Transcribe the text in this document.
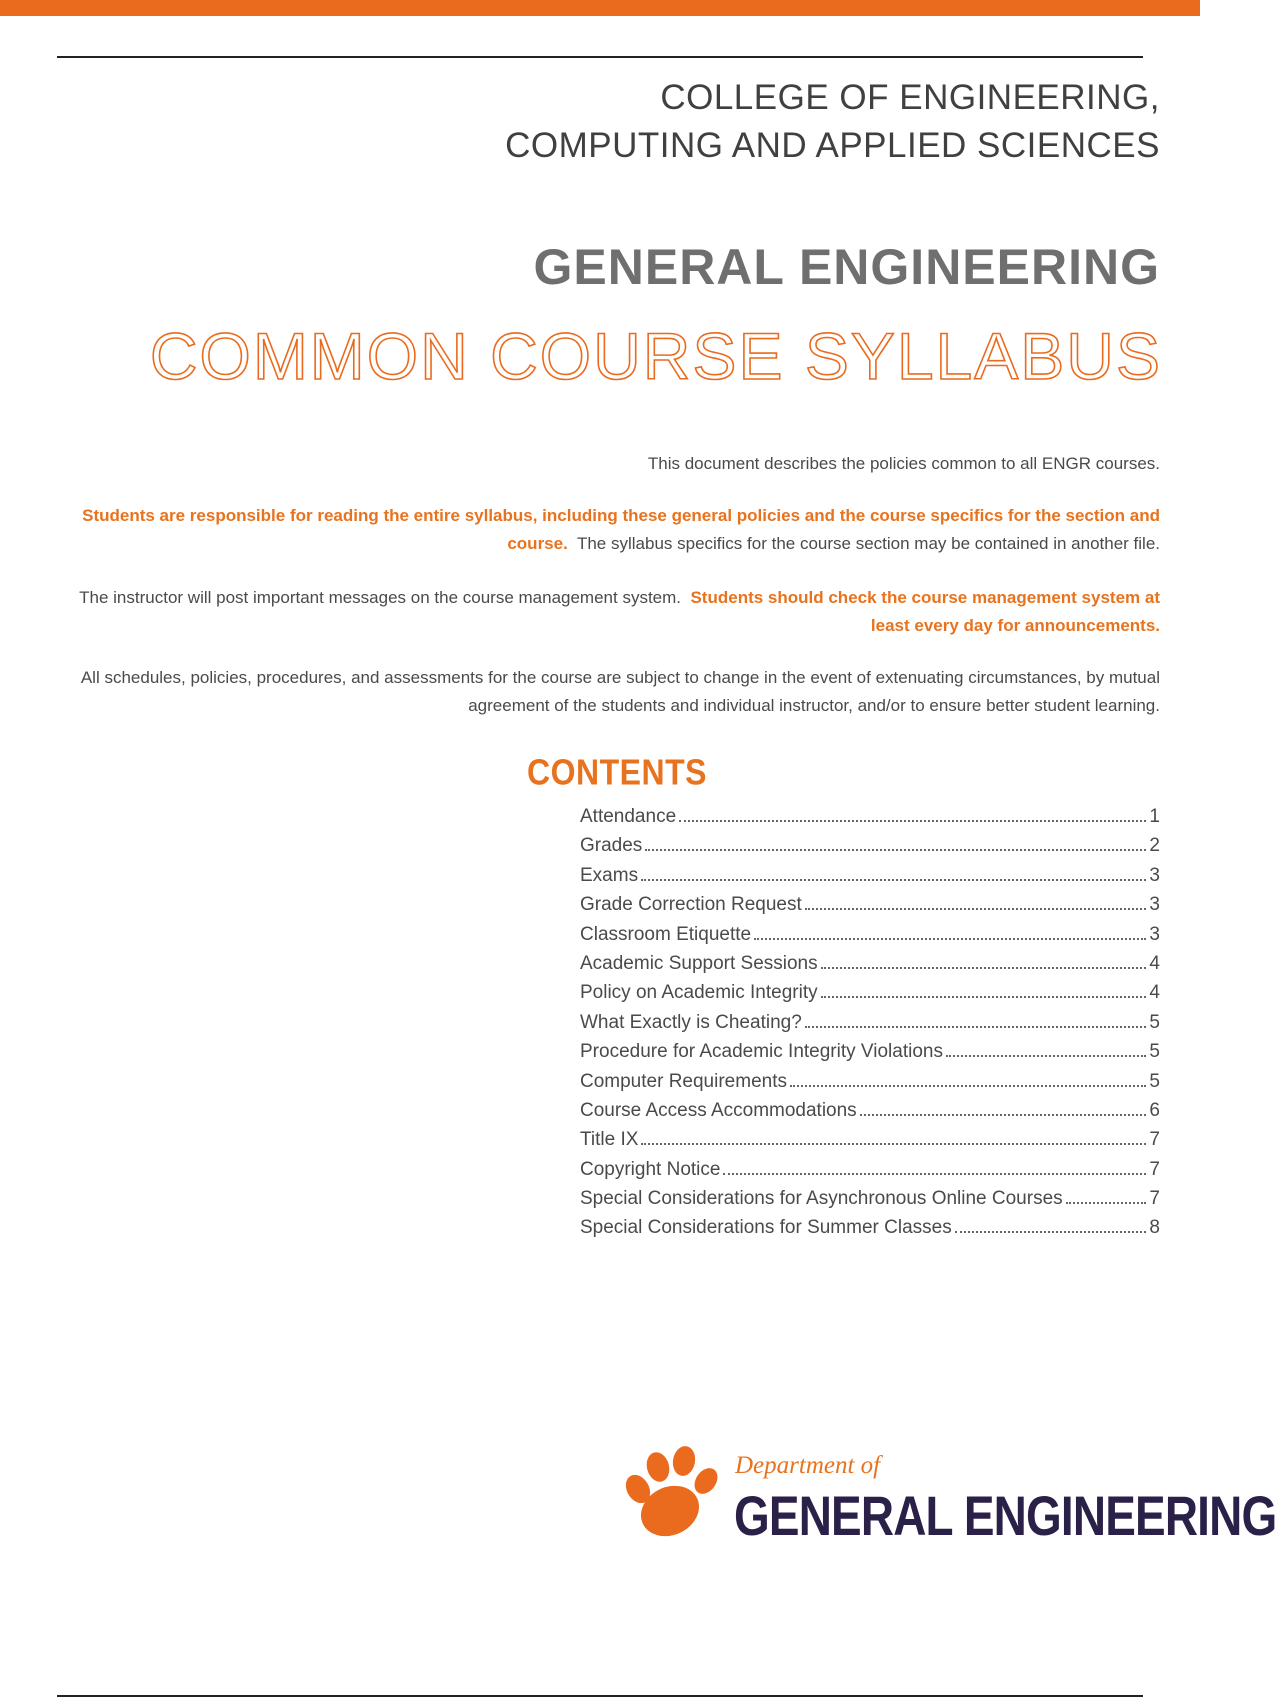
COLLEGE OF ENGINEERING,
COMPUTING AND APPLIED SCIENCES
GENERAL ENGINEERING
COMMON COURSE SYLLABUS
This document describes the policies common to all ENGR courses.
Students are responsible for reading the entire syllabus, including these general policies and the course specifics for the section and course. The syllabus specifics for the course section may be contained in another file.
The instructor will post important messages on the course management system. Students should check the course management system at least every day for announcements.
All schedules, policies, procedures, and assessments for the course are subject to change in the event of extenuating circumstances, by mutual agreement of the students and individual instructor, and/or to ensure better student learning.
CONTENTS
Attendance	1
Grades	2
Exams	3
Grade Correction Request	3
Classroom Etiquette	3
Academic Support Sessions	4
Policy on Academic Integrity	4
What Exactly is Cheating?	5
Procedure for Academic Integrity Violations	5
Computer Requirements	5
Course Access Accommodations	6
Title IX	7
Copyright Notice	7
Special Considerations for Asynchronous Online Courses	7
Special Considerations for Summer Classes	8
Department of
GENERAL ENGINEERING
